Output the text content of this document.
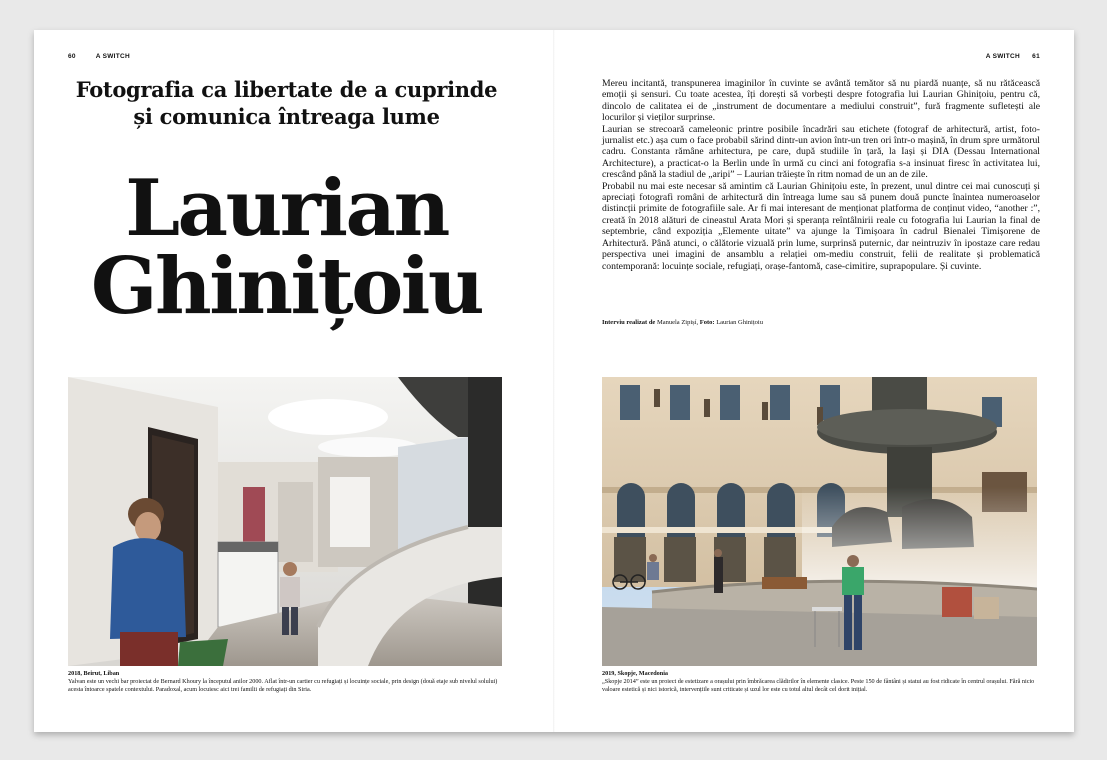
60	A SWITCH
Fotografia ca libertate de a cuprinde și comunica întreaga lume
Laurian
Ghinițoiu
2018, Beirut, Liban
Yalvan este un vechi bar proiectat de Bernard Khoury la începutul anilor 2000. Aflat într-un cartier cu refugiați și locuințe sociale, prin design (două etaje sub nivelul solului) acesta întoarce spatele contextului. Paradoxal, acum locuiesc aici trei familii de refugiați din Siria.
A SWITCH 61

Mereu incitantă, transpunerea imaginilor în cuvinte se avântă temător să nu piardă nuanțe, să nu rătăcească emoții și sensuri. Cu toate acestea, îți dorești să vorbești despre fotografia lui Laurian Ghinițoiu, pentru că, dincolo de calitatea ei de „instrument de documentare a mediului construit”, fură fragmente sufletești ale locurilor și vieților surprinse.

Laurian se strecoară cameleonic printre posibile încadrări sau etichete (fotograf de arhitectură, artist, foto-jurnalist etc.) așa cum o face probabil sărind dintr-un avion într-un tren ori într-o mașină, în drum spre următorul cadru. Constanta rămâne arhitectura, pe care, după studiile în țară, la Iași și DIA (Dessau International Architecture), a practicat-o la Berlin unde în urmă cu cinci ani fotografia s-a insinuat firesc în activitatea lui, crescând până la stadiul de „aripi” – Laurian trăiește în ritm nomad de un an de zile.

Probabil nu mai este necesar să amintim că Laurian Ghinițoiu este, în prezent, unul dintre cei mai cunoscuți și apreciați fotografi români de arhitectură din întreaga lume sau să punem două puncte înaintea numeroaselor distincții primite de fotografiile sale. Ar fi mai interesant de menționat platforma de conținut video, “another :”, creată în 2018 alături de cineastul Arata Mori și speranța reîntâlnirii reale cu fotografia lui Laurian la final de septembrie, când expoziția „Elemente uitate” va ajunge la Timișoara în cadrul Bienalei Timișorene de Arhitectură. Până atunci, o călătorie vizuală prin lume, surprinsă puternic, dar neintruziv în ipostaze care redau perspectiva unei imagini de ansamblu a relației om-mediu construit, felii de realitate și problematică contemporană: locuințe sociale, refugiați, orașe-fantomă, case-cimitire, suprapopulare. Și cuvinte.

Interviu realizat de Manuela Zipișí, Foto: Laurian Ghinițoiu
2019, Skopje, Macedonia
„Skopje 2014” este un proiect de estetizare a orașului prin îmbrăcarea clădirilor în elemente clasice. Peste 150 de fântâni și statui au fost ridicate în centrul orașului. Fără nicio valoare estetică și nici istorică, intervențiile sunt criticate și uzul lor este cu totul altul decât cel dorit inițial.
